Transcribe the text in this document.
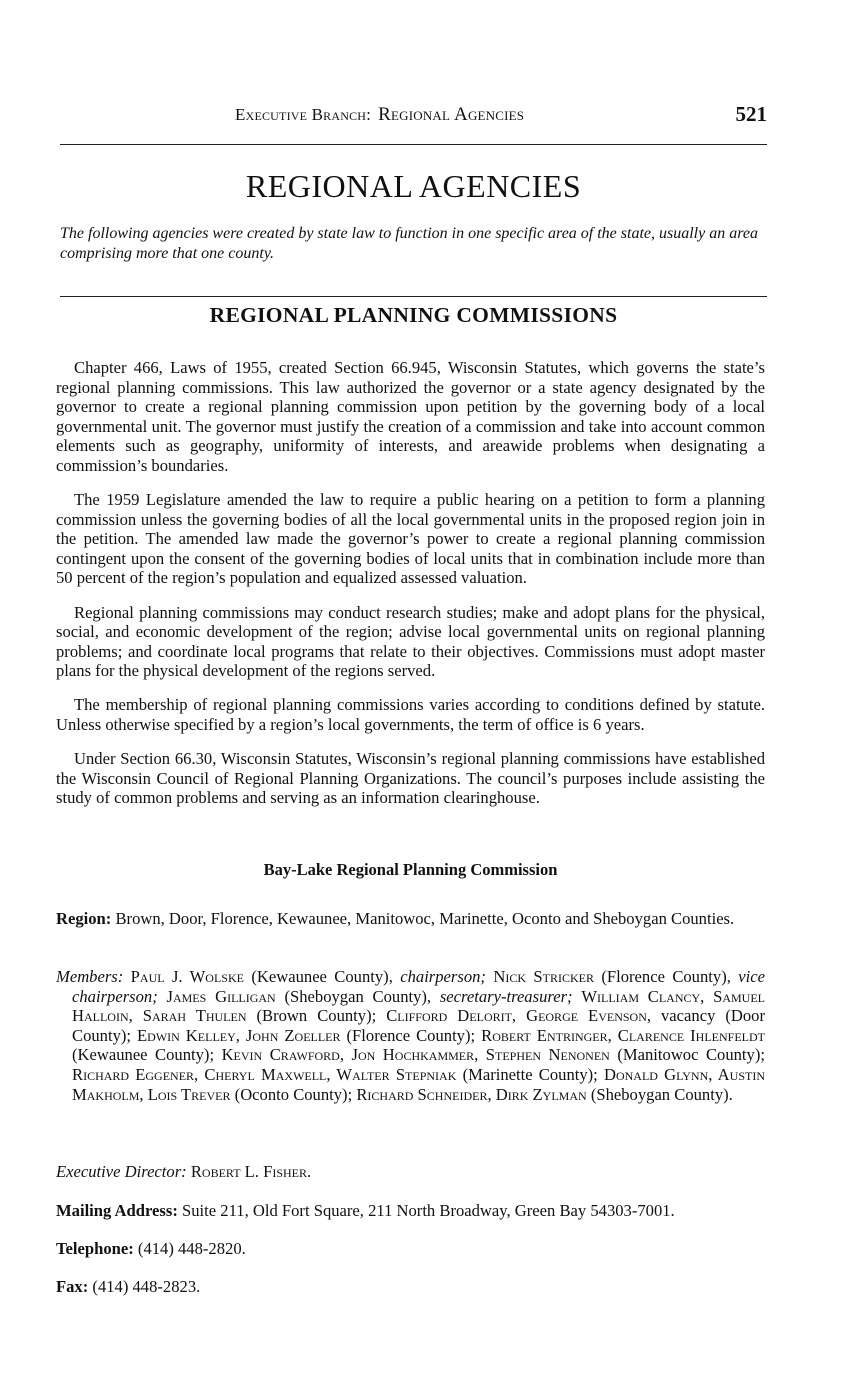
Executive Branch: Regional Agencies	521
REGIONAL AGENCIES

The following agencies were created by state law to function in one specific area of the state, usually an area comprising more that one county.

REGIONAL PLANNING COMMISSIONS

Chapter 466, Laws of 1955, created Section 66.945, Wisconsin Statutes, which governs the state’s regional planning commissions. This law authorized the governor or a state agency designated by the governor to create a regional planning commission upon petition by the governing body of a local governmental unit. The governor must justify the creation of a commission and take into account common elements such as geography, uniformity of interests, and areawide problems when designating a commission’s boundaries.

The 1959 Legislature amended the law to require a public hearing on a petition to form a planning commission unless the governing bodies of all the local governmental units in the proposed region join in the petition. The amended law made the governor’s power to create a regional planning commission contingent upon the consent of the governing bodies of local units that in combination include more than 50 percent of the region’s population and equalized assessed valuation.

Regional planning commissions may conduct research studies; make and adopt plans for the physical, social, and economic development of the region; advise local governmental units on regional planning problems; and coordinate local programs that relate to their objectives. Commissions must adopt master plans for the physical development of the regions served.

The membership of regional planning commissions varies according to conditions defined by statute. Unless otherwise specified by a region’s local governments, the term of office is 6 years.

Under Section 66.30, Wisconsin Statutes, Wisconsin’s regional planning commissions have established the Wisconsin Council of Regional Planning Organizations. The council’s purposes include assisting the study of common problems and serving as an information clearinghouse.

Bay-Lake Regional Planning Commission

Region: Brown, Door, Florence, Kewaunee, Manitowoc, Marinette, Oconto and Sheboygan Counties.

Members: Paul J. Wolske (Kewaunee County), chairperson; Nick Stricker (Florence County), vice chairperson; James Gilligan (Sheboygan County), secretary-treasurer; William Clancy, Samuel Halloin, Sarah Thulen (Brown County); Clifford Delorit, George Evenson, vacancy (Door County); Edwin Kelley, John Zoeller (Florence County); Robert Entringer, Clarence Ihlenfeldt (Kewaunee County); Kevin Crawford, Jon Hochkammer, Stephen Nenonen (Manitowoc County); Richard Eggener, Cheryl Maxwell, Walter Stepniak (Marinette County); Donald Glynn, Austin Makholm, Lois Trever (Oconto County); Richard Schneider, Dirk Zylman (Sheboygan County).

Executive Director: Robert L. Fisher.

Mailing Address: Suite 211, Old Fort Square, 211 North Broadway, Green Bay 54303-7001.

Telephone: (414) 448-2820.

Fax: (414) 448-2823.
